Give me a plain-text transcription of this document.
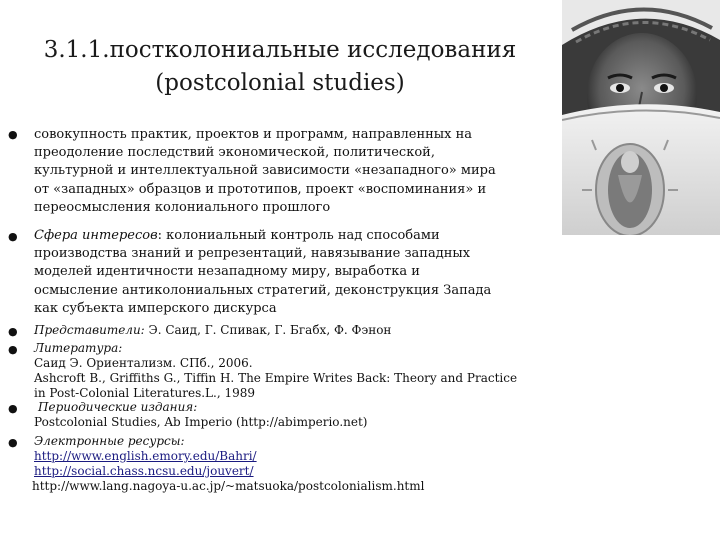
3.1.1.постколониальные исследования
(postcolonial studies)
● совокупность практик, проектов и программ, направленных на
преодоление последствий экономической, политической,
культурной и интеллектуальной зависимости «незападного» мира
от «западных» образцов и прототипов, проект «воспоминания» и
переосмысления колониального прошлого
● Сфера интересов: колониальный контроль над способами
производства знаний и репрезентаций, навязывание западных
моделей идентичности незападному миру, выработка и
осмысление антиколониальных стратегий, деконструкция Запада
как субъекта имперского дискурса
● Представители: Э. Саид, Г. Спивак, Г. Бгабх, Ф. Фэнон
● Литература:
Саид Э. Ориентализм. СПб., 2006.
Ashcroft B., Griffiths G., Tiffin H. The Empire Writes Back: Theory and Practice
in Post-Colonial Literatures.L., 1989
●	Периодические издания:
Postcolonial Studies, Ab Imperio (http://abimperio.net)
● Электронные ресурсы:
http://www.english.emory.edu/Bahri/
http://social.chass.ncsu.edu/jouvert/
http://www.lang.nagoya-u.ac.jp/~matsuoka/postcolonialism.html
